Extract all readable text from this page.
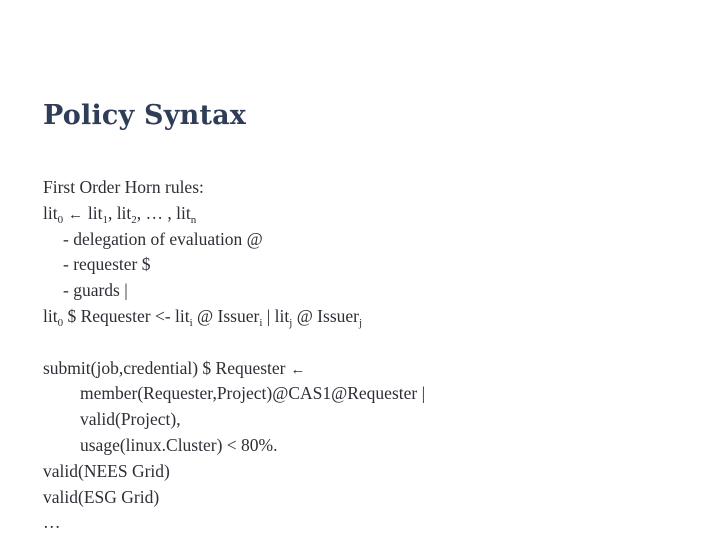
Policy Syntax
First Order Horn rules:
lit$_0$ ← lit$_1$, lit$_2$, … , lit$_n$
- delegation of evaluation @
- requester $
- guards |
lit$_0$ $ Requester <- lit$_i$ @ Issuer$_i$ | lit$_j$ @ Issuer$_j$
submit(job,credential) $ Requester ←
member(Requester,Project)@CAS1@Requester |
valid(Project),
usage(linux.Cluster) < 80%.
valid(NEES Grid)
valid(ESG Grid)
…
